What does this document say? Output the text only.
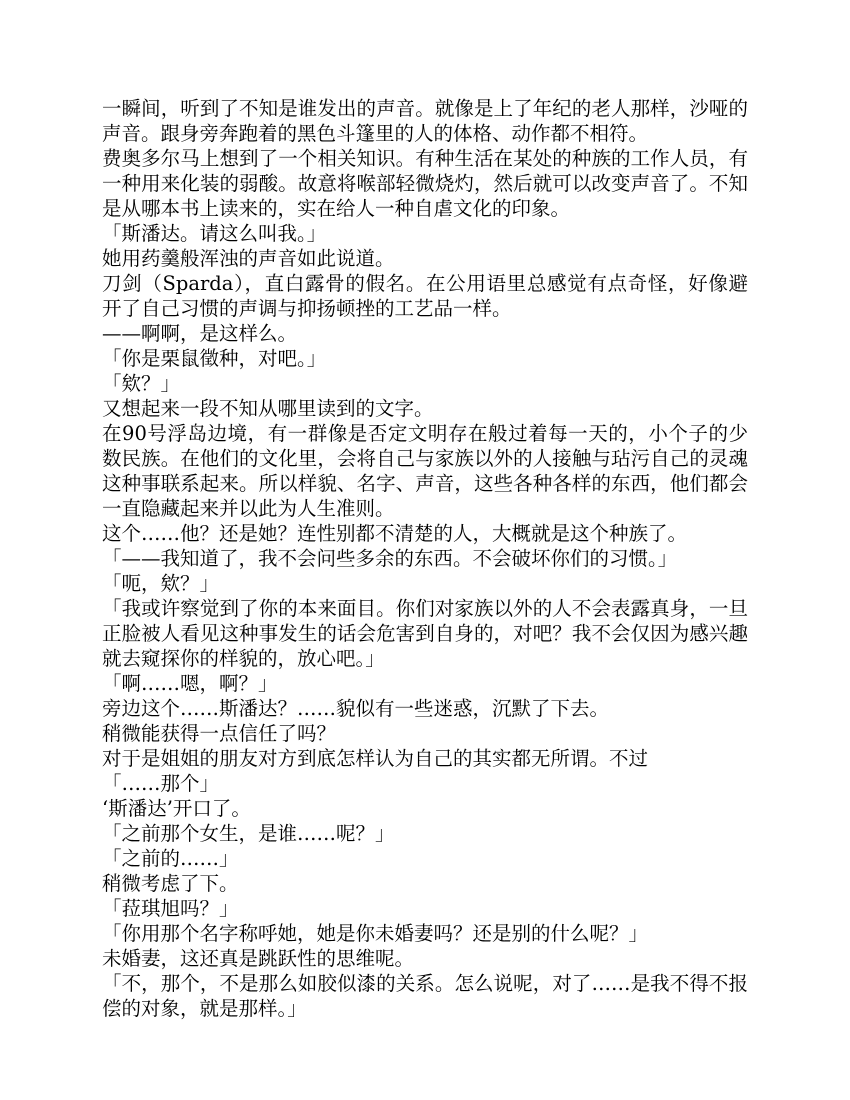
一瞬间，听到了不知是谁发出的声音。就像是上了年纪的老人那样，沙哑的声音。跟身旁奔跑着的黑色斗篷里的人的体格、动作都不相符。

费奥多尔马上想到了一个相关知识。有种生活在某处的种族的工作人员，有一种用来化装的弱酸。故意将喉部轻微烧灼，然后就可以改变声音了。不知是从哪本书上读来的，实在给人一种自虐文化的印象。

「斯潘达。请这么叫我。」

她用药羹般浑浊的声音如此说道。

刀剑（Sparda），直白露骨的假名。在公用语里总感觉有点奇怪，好像避开了自己习惯的声调与抑扬顿挫的工艺品一样。

——啊啊，是这样么。

「你是栗鼠徵种，对吧。」

「欸？」

又想起来一段不知从哪里读到的文字。

在90号浮岛边境，有一群像是否定文明存在般过着每一天的，小个子的少数民族。在他们的文化里，会将自己与家族以外的人接触与玷污自己的灵魂这种事联系起来。所以样貌、名字、声音，这些各种各样的东西，他们都会一直隐藏起来并以此为人生准则。

这个……他？还是她？连性别都不清楚的人，大概就是这个种族了。

「——我知道了，我不会问些多余的东西。不会破坏你们的习惯。」

「呃，欸？」

「我或许察觉到了你的本来面目。你们对家族以外的人不会表露真身，一旦正脸被人看见这种事发生的话会危害到自身的，对吧？我不会仅因为感兴趣就去窥探你的样貌的，放心吧。」

「啊……嗯，啊？」

旁边这个……斯潘达？……貌似有一些迷惑，沉默了下去。

稍微能获得一点信任了吗？

对于是姐姐的朋友对方到底怎样认为自己的其实都无所谓。不过

「……那个」

‘斯潘达’开口了。

「之前那个女生，是谁……呢？」

「之前的……」

稍微考虑了下。

「菈琪旭吗？」

「你用那个名字称呼她，她是你未婚妻吗？还是别的什么呢？」

未婚妻，这还真是跳跃性的思维呢。

「不，那个，不是那么如胶似漆的关系。怎么说呢，对了……是我不得不报偿的对象，就是那样。」
